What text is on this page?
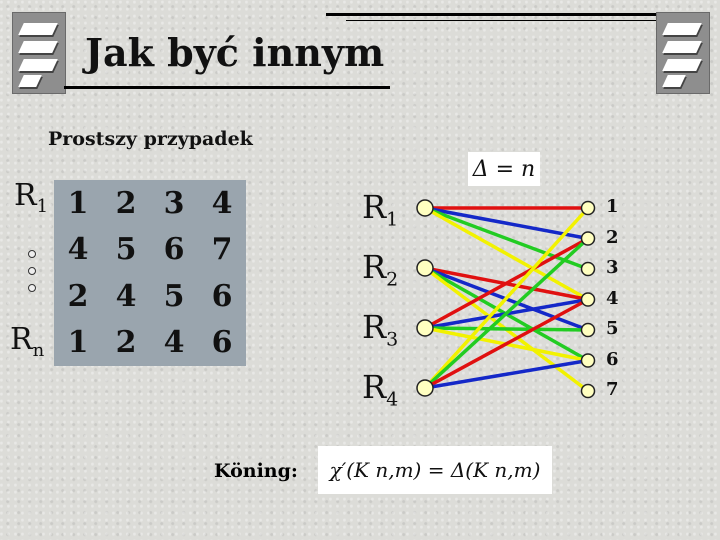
Jak być innym
Prostszy przypadek
$R_1$
$R_n$
1 2 3 4
4 5 6 7
2 4 5 6
1 2 4 6
Δ = n
Köning:	χ′(K n,m) = Δ(K n,m)
$R_1$
$R_2$
$R_3$
$R_4$
1
2
3
4
5
6
7
